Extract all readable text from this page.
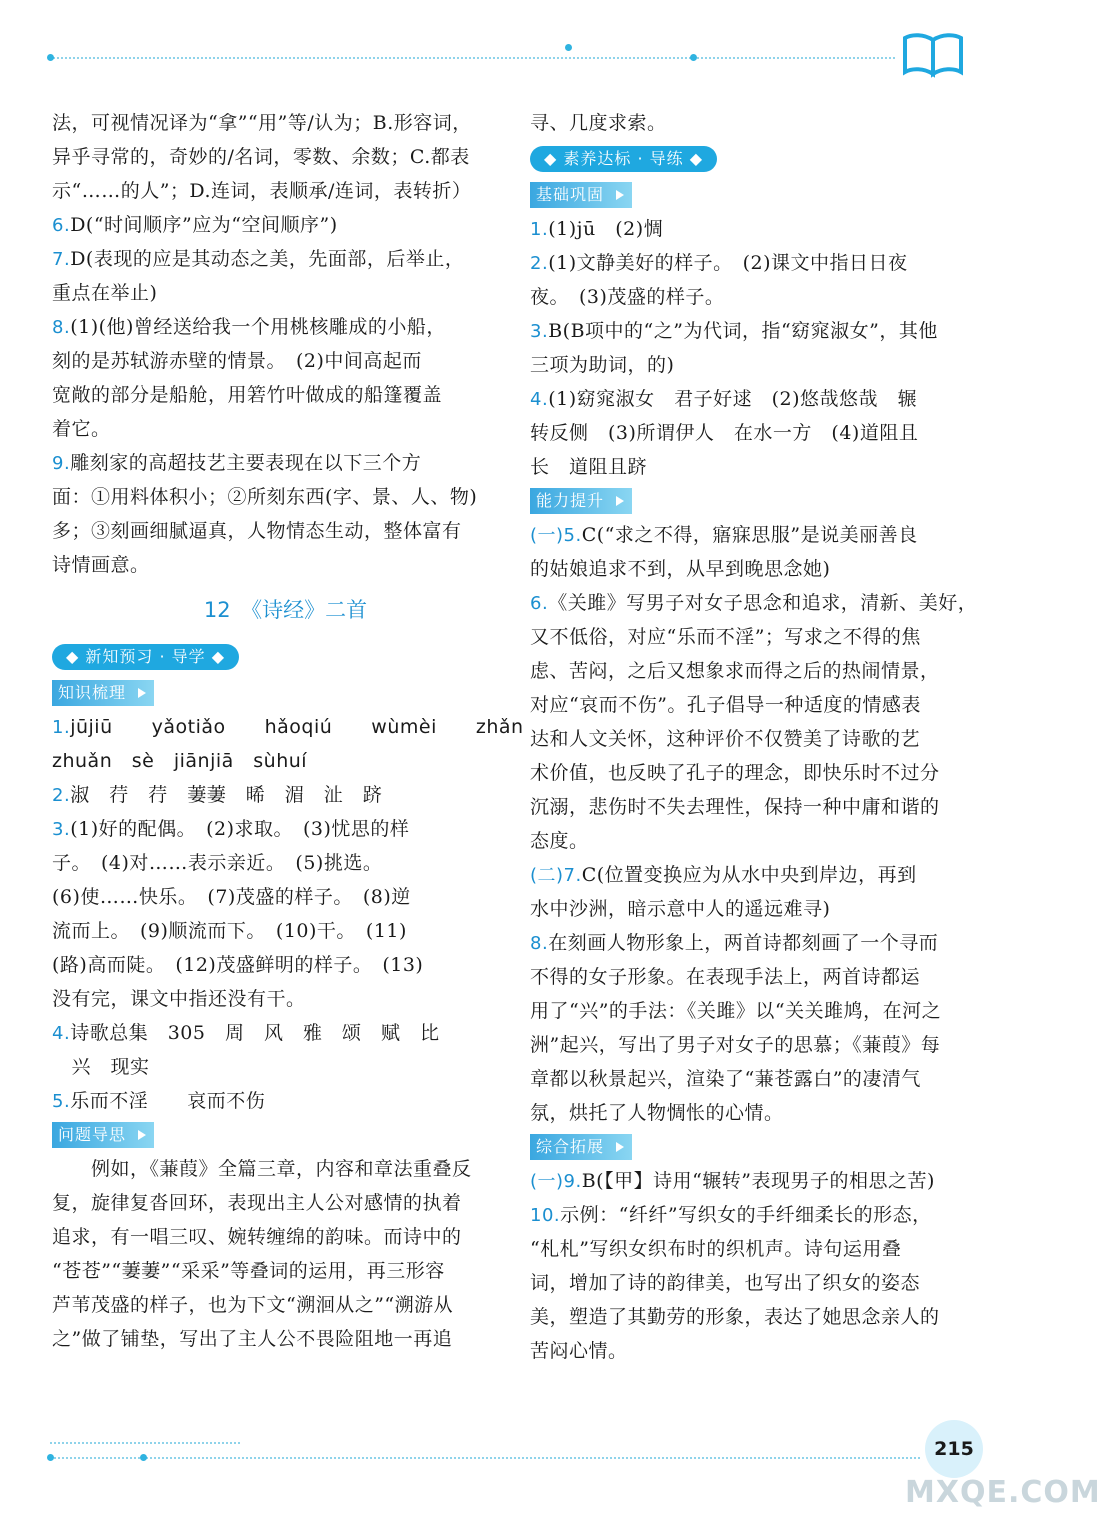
法，可视情况译为“拿”“用”等/认为；B.形容词，
异乎寻常的，奇妙的/名词，零数、余数；C.都表
示“……的人”；D.连词，表顺承/连词，表转折）
6.D(“时间顺序”应为“空间顺序”)
7.D(表现的应是其动态之美，先面部，后举止，
重点在举止)
8.(1)(他)曾经送给我一个用桃核雕成的小船，
刻的是苏轼游赤壁的情景。　(2)中间高起而
宽敞的部分是船舱，用箬竹叶做成的船篷覆盖
着它。
9.雕刻家的高超技艺主要表现在以下三个方
面：①用料体积小；②所刻东西(字、景、人、物)
多；③刻画细腻逼真，人物情态生动，整体富有
诗情画意。
12　《诗经》二首
◆ 新知预习 · 导学 ◆
知识梳理
1.jūjiū　　yǎotiǎo　　hǎoqiú　　wùmèi　　zhǎn
zhuǎn　sè　jiānjiā　sùhuí
2.淑　荇　荇　萋萋　晞　湄　沚　跻
3.(1)好的配偶。　(2)求取。　(3)忧思的样
子。　(4)对……表示亲近。　(5)挑选。
(6)使……快乐。　(7)茂盛的样子。　(8)逆
流而上。　(9)顺流而下。　(10)干。　(11)
(路)高而陡。　(12)茂盛鲜明的样子。　(13)
没有完，课文中指还没有干。
4.诗歌总集　305　周　风　雅　颂　赋　比
　兴　现实
5.乐而不淫　　哀而不伤
问题导思
　　例如，《蒹葭》全篇三章，内容和章法重叠反
复，旋律复沓回环，表现出主人公对感情的执着
追求，有一唱三叹、婉转缠绵的韵味。而诗中的
“苍苍”“萋萋”“采采”等叠词的运用，再三形容
芦苇茂盛的样子，也为下文“溯洄从之”“溯游从
之”做了铺垫，写出了主人公不畏险阻地一再追
寻、几度求索。
◆ 素养达标 · 导练 ◆
基础巩固
1.(1)jū　(2)惆
2.(1)文静美好的样子。　(2)课文中指日日夜
夜。　(3)茂盛的样子。
3.B(B项中的“之”为代词，指“窈窕淑女”，其他
三项为助词，的)
4.(1)窈窕淑女　君子好逑　(2)悠哉悠哉　辗
转反侧　(3)所谓伊人　在水一方　(4)道阻且
长　道阻且跻
能力提升
(一)5.C(“求之不得，寤寐思服”是说美丽善良
的姑娘追求不到，从早到晚思念她)
6.《关雎》写男子对女子思念和追求，清新、美好，
又不低俗，对应“乐而不淫”；写求之不得的焦
虑、苦闷，之后又想象求而得之后的热闹情景，
对应“哀而不伤”。孔子倡导一种适度的情感表
达和人文关怀，这种评价不仅赞美了诗歌的艺
术价值，也反映了孔子的理念，即快乐时不过分
沉溺，悲伤时不失去理性，保持一种中庸和谐的
态度。
(二)7.C(位置变换应为从水中央到岸边，再到
水中沙洲，暗示意中人的遥远难寻)
8.在刻画人物形象上，两首诗都刻画了一个寻而
不得的女子形象。在表现手法上，两首诗都运
用了“兴”的手法：《关雎》以“关关雎鸠，在河之
洲”起兴，写出了男子对女子的思慕；《蒹葭》每
章都以秋景起兴，渲染了“蒹苍露白”的凄清气
氛，烘托了人物惆怅的心情。
综合拓展
(一)9.B(【甲】诗用“辗转”表现男子的相思之苦)
10.示例：“纤纤”写织女的手纤细柔长的形态，
“札札”写织女织布时的织机声。诗句运用叠
词，增加了诗的韵律美，也写出了织女的姿态
美，塑造了其勤劳的形象，表达了她思念亲人的
苦闷心情。
215
MXQE.COM
